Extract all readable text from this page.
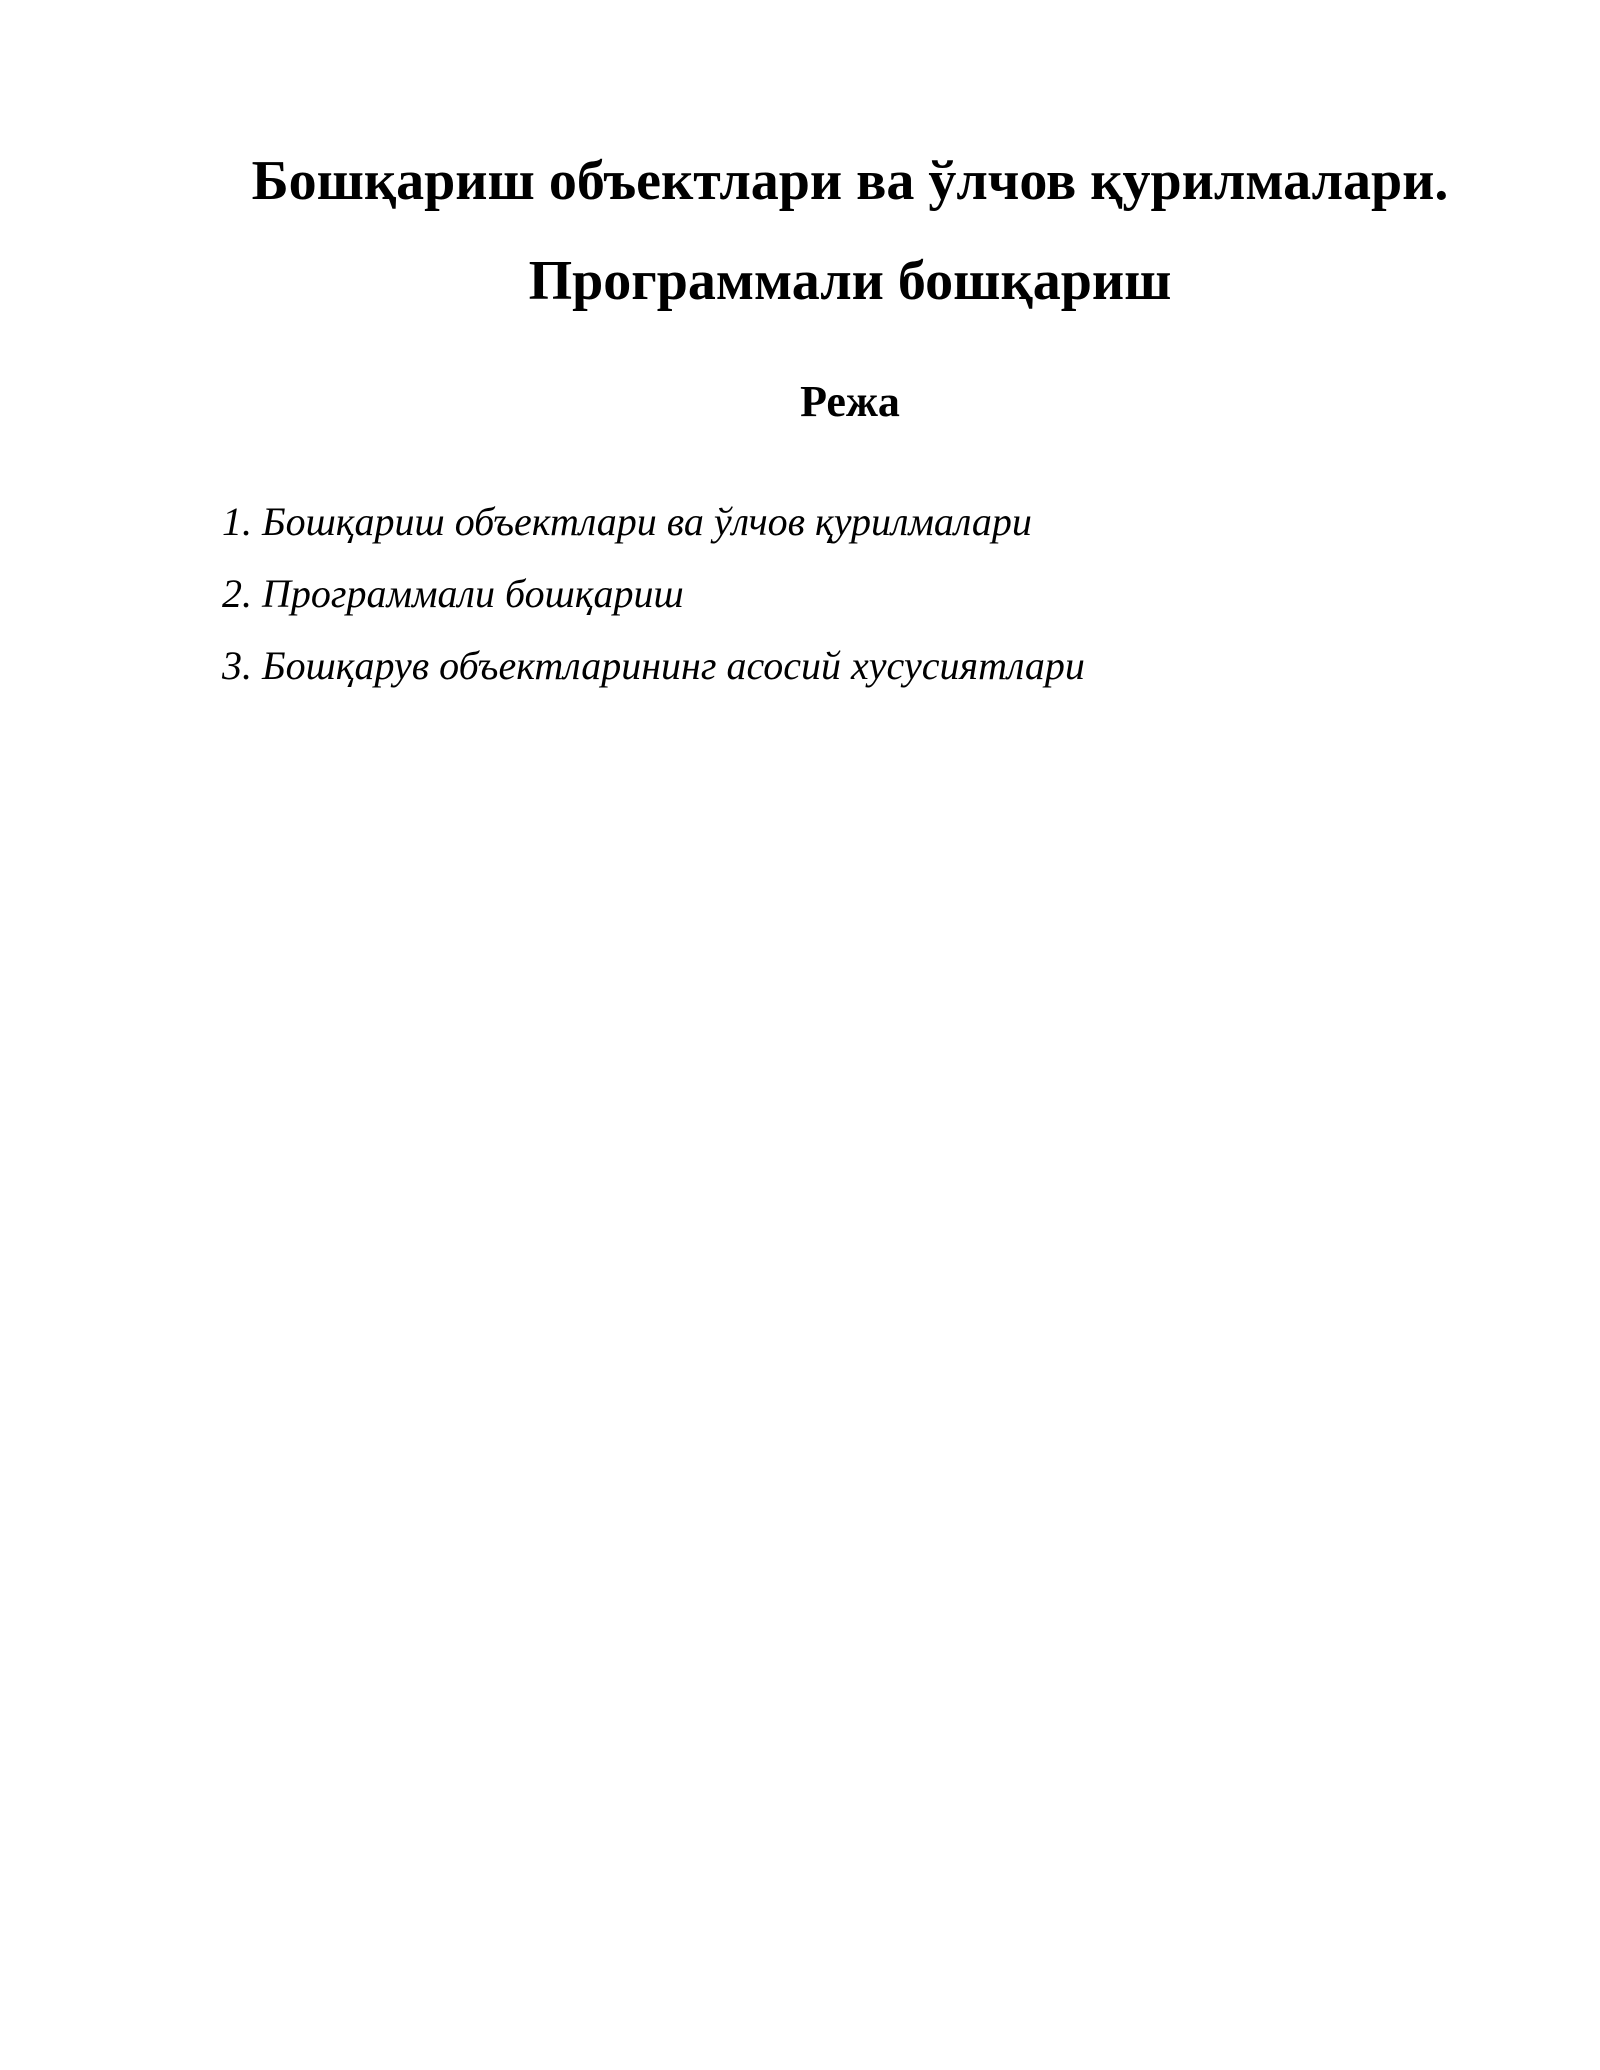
Бошқариш объектлари ва ўлчов қурилмалари.
Программали бошқариш
Режа
1. Бошқариш объектлари ва ўлчов қурилмалари
2. Программали бошқариш
3. Бошқарув объектларининг асосий хусусиятлари
